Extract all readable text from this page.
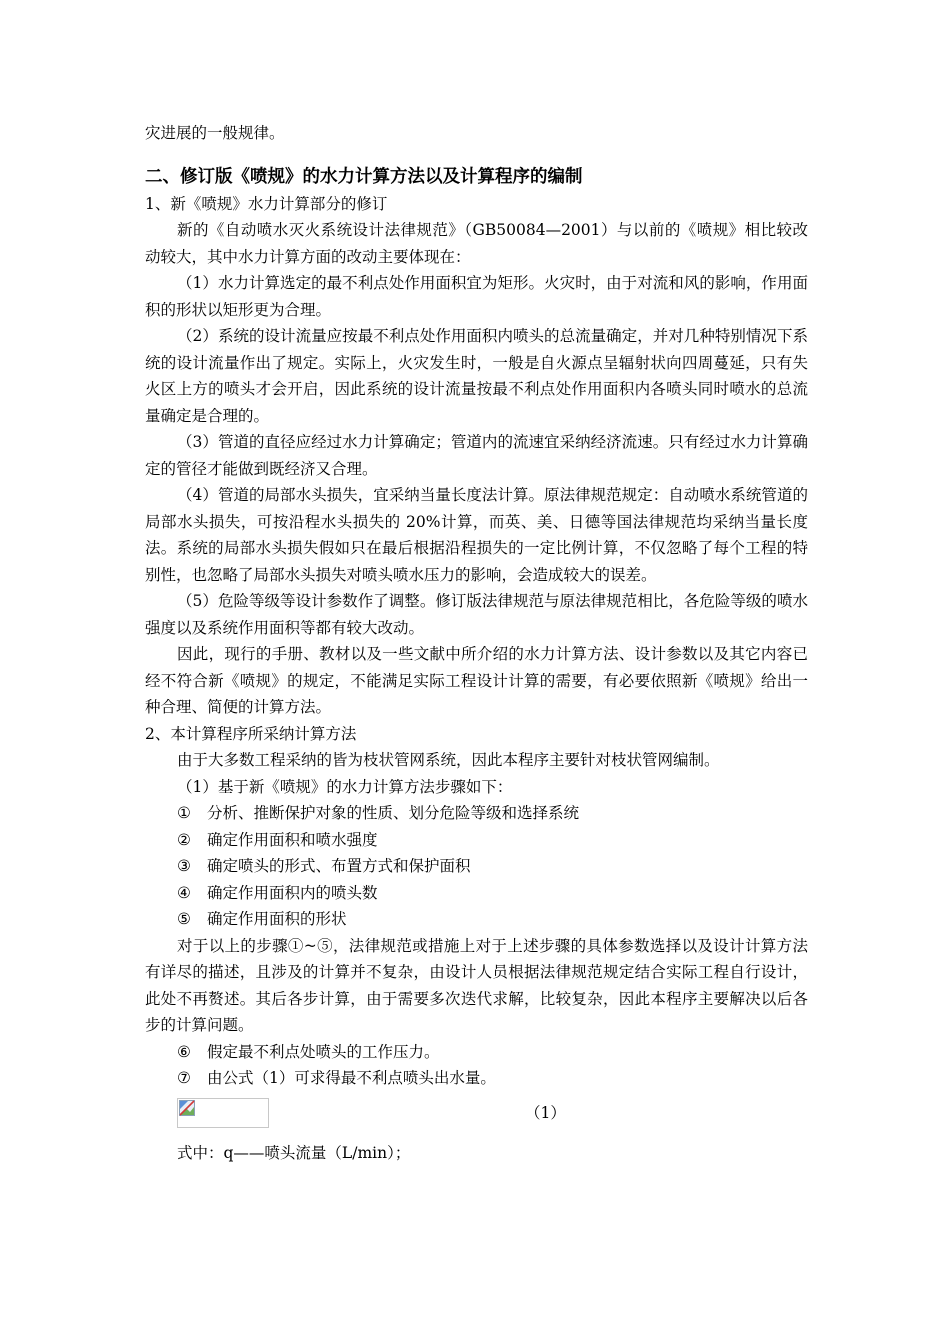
灾进展的一般规律。

二、修订版《喷规》的水力计算方法以及计算程序的编制

1、新《喷规》水力计算部分的修订

新的《自动喷水灭火系统设计法律规范》（GB50084—2001）与以前的《喷规》相比较改动较大，其中水力计算方面的改动主要体现在：

（1）水力计算选定的最不利点处作用面积宜为矩形。火灾时，由于对流和风的影响，作用面积的形状以矩形更为合理。

（2）系统的设计流量应按最不利点处作用面积内喷头的总流量确定，并对几种特别情况下系统的设计流量作出了规定。实际上，火灾发生时，一般是自火源点呈辐射状向四周蔓延，只有失火区上方的喷头才会开启，因此系统的设计流量按最不利点处作用面积内各喷头同时喷水的总流量确定是合理的。

（3）管道的直径应经过水力计算确定；管道内的流速宜采纳经济流速。只有经过水力计算确定的管径才能做到既经济又合理。

（4）管道的局部水头损失，宜采纳当量长度法计算。原法律规范规定：自动喷水系统管道的局部水头损失，可按沿程水头损失的 20%计算，而英、美、日德等国法律规范均采纳当量长度法。系统的局部水头损失假如只在最后根据沿程损失的一定比例计算，不仅忽略了每个工程的特别性，也忽略了局部水头损失对喷头喷水压力的影响，会造成较大的误差。

（5）危险等级等设计参数作了调整。修订版法律规范与原法律规范相比，各危险等级的喷水强度以及系统作用面积等都有较大改动。

因此，现行的手册、教材以及一些文献中所介绍的水力计算方法、设计参数以及其它内容已经不符合新《喷规》的规定，不能满足实际工程设计计算的需要，有必要依照新《喷规》给出一种合理、简便的计算方法。

2、本计算程序所采纳计算方法

由于大多数工程采纳的皆为枝状管网系统，因此本程序主要针对枝状管网编制。

（1）基于新《喷规》的水力计算方法步骤如下：

①	分析、推断保护对象的性质、划分危险等级和选择系统
②	确定作用面积和喷水强度
③	确定喷头的形式、布置方式和保护面积
④	确定作用面积内的喷头数
⑤	确定作用面积的形状

对于以上的步骤①~⑤，法律规范或措施上对于上述步骤的具体参数选择以及设计计算方法有详尽的描述，且涉及的计算并不复杂，由设计人员根据法律规范规定结合实际工程自行设计，此处不再赘述。其后各步计算，由于需要多次迭代求解，比较复杂，因此本程序主要解决以后各步的计算问题。

⑥	假定最不利点处喷头的工作压力。
⑦	由公式（1）可求得最不利点喷头出水量。
（1）

式中：q——喷头流量（L/min）；
